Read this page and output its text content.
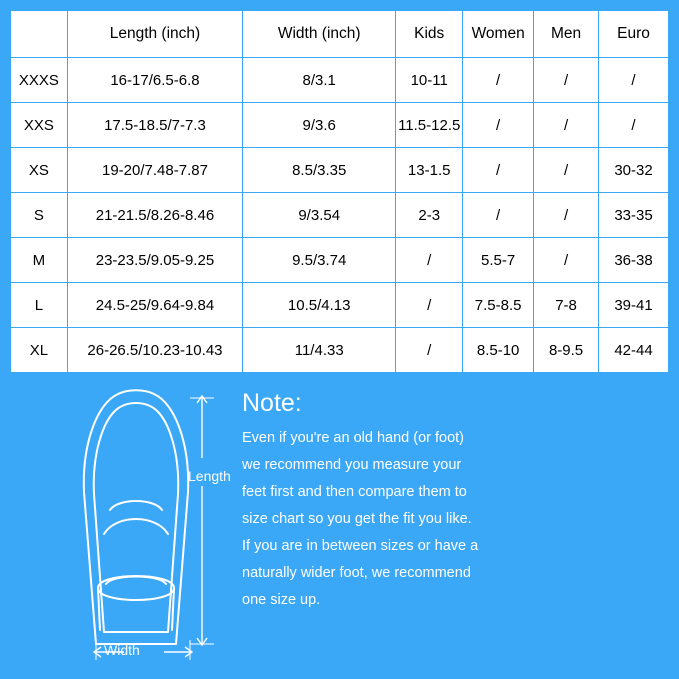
	Length (inch)	Width (inch)	Kids	Women	Men	Euro
XXXS	16-17/6.5-6.8	8/3.1	10-11	/	/	/
XXS	17.5-18.5/7-7.3	9/3.6	11.5-12.5	/	/	/
XS	19-20/7.48-7.87	8.5/3.35	13-1.5	/	/	30-32
S	21-21.5/8.26-8.46	9/3.54	2-3	/	/	33-35
M	23-23.5/9.05-9.25	9.5/3.74	/	5.5-7	/	36-38
L	24.5-25/9.64-9.84	10.5/4.13	/	7.5-8.5	7-8	39-41
XL	26-26.5/10.23-10.43	11/4.33	/	8.5-10	8-9.5	42-44
Length
Width
Note:

Even if you're an old hand (or foot)

we recommend you measure your

feet first and then compare them to

size chart so you get the fit you like.

If you are in between sizes or have a

naturally wider foot, we recommend

one size up.
